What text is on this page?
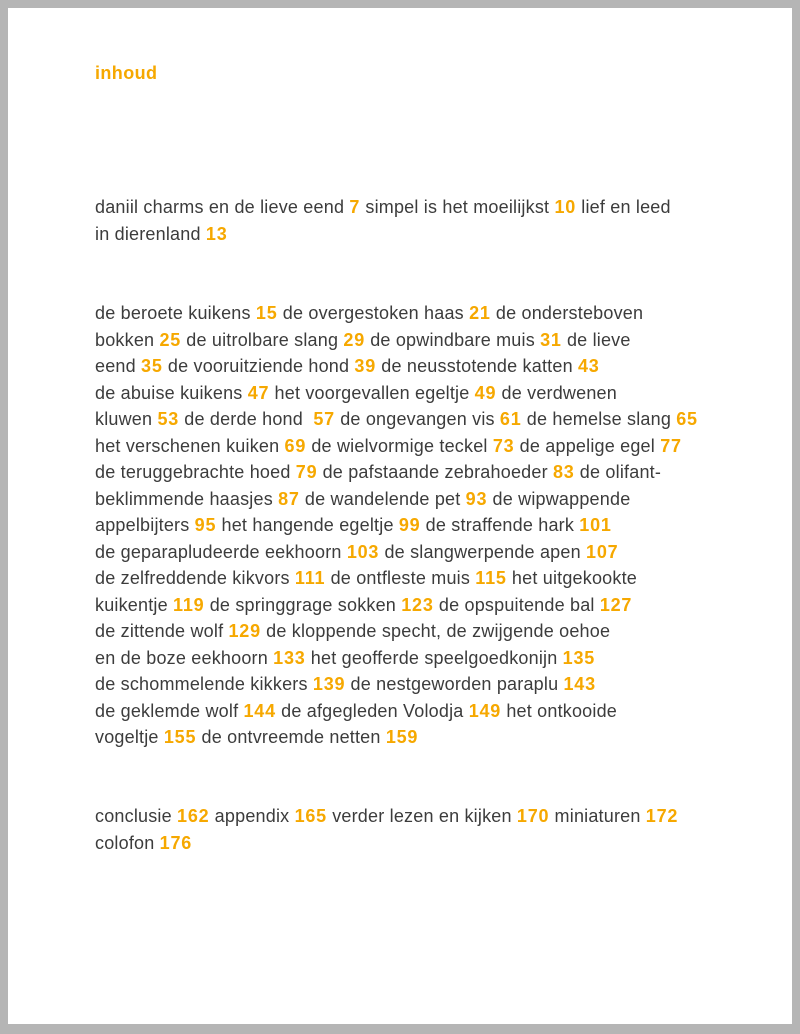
inhoud
daniil charms en de lieve eend 7 simpel is het moeilijkst 10 lief en leed
in dierenland 13
de beroete kuikens 15 de overgestoken haas 21 de ondersteboven
bokken 25 de uitrolbare slang 29 de opwindbare muis 31 de lieve
eend 35 de vooruitziende hond 39 de neusstotende katten 43
de abuise kuikens 47 het voorgevallen egeltje 49 de verdwenen
kluwen 53 de derde hond  57 de ongevangen vis 61 de hemelse slang 65
het verschenen kuiken 69 de wielvormige teckel 73 de appelige egel 77
de teruggebrachte hoed 79 de pafstaande zebrahoeder 83 de olifant-
beklimmende haasjes 87 de wandelende pet 93 de wipwappende
appelbijters 95 het hangende egeltje 99 de straffende hark 101
de geparapludeerde eekhoorn 103 de slangwerpende apen 107
de zelfreddende kikvors 111 de ontfleste muis 115 het uitgekookte
kuikentje 119 de springgrage sokken 123 de opspuitende bal 127
de zittende wolf 129 de kloppende specht, de zwijgende oehoe
en de boze eekhoorn 133 het geofferde speelgoedkonijn 135
de schommelende kikkers 139 de nestgeworden paraplu 143
de geklemde wolf 144 de afgegleden Volodja 149 het ontkooide
vogeltje 155 de ontvreemde netten 159
conclusie 162 appendix 165 verder lezen en kijken 170 miniaturen 172
colofon 176
